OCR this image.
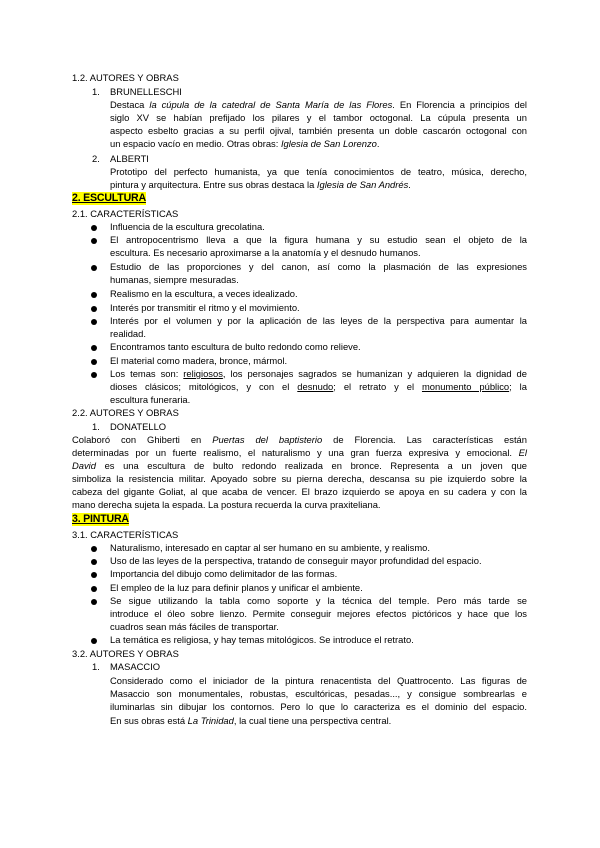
1.2. AUTORES Y OBRAS
1. BRUNELLESCHI
Destaca la cúpula de la catedral de Santa María de las Flores. En Florencia a principios del
siglo XV se habían prefijado los pilares y el tambor octogonal. La cúpula presenta un
aspecto esbelto gracias a su perfil ojival, también presenta un doble cascarón octogonal con
un espacio vacío en medio. Otras obras: Iglesia de San Lorenzo.
2. ALBERTI
Prototipo del perfecto humanista, ya que tenía conocimientos de teatro, música, derecho,
pintura y arquitectura. Entre sus obras destaca la Iglesia de San Andrés.
2. ESCULTURA
2.1. CARACTERÍSTICAS
Influencia de la escultura grecolatina.
El antropocentrismo lleva a que la figura humana y su estudio sean el objeto de la
escultura. Es necesario aproximarse a la anatomía y el desnudo humanos.
Estudio de las proporciones y del canon, así como la plasmación de las expresiones
humanas, siempre mesuradas.
Realismo en la escultura, a veces idealizado.
Interés por transmitir el ritmo y el movimiento.
Interés por el volumen y por la aplicación de las leyes de la perspectiva para aumentar la
realidad.
Encontramos tanto escultura de bulto redondo como relieve.
El material como madera, bronce, mármol.
Los temas son: religiosos, los personajes sagrados se humanizan y adquieren la dignidad de
dioses clásicos; mitológicos, y con el desnudo; el retrato y el monumento público; la
escultura funeraria.
2.2. AUTORES Y OBRAS
1. DONATELLO
Colaboró con Ghiberti en Puertas del baptisterio de Florencia. Las características están
determinadas por un fuerte realismo, el naturalismo y una gran fuerza expresiva y emocional. El
David es una escultura de bulto redondo realizada en bronce. Representa a un joven que
simboliza la resistencia militar. Apoyado sobre su pierna derecha, descansa su pie izquierdo sobre la
cabeza del gigante Goliat, al que acaba de vencer. El brazo izquierdo se apoya en su cadera y con la
mano derecha sujeta la espada. La postura recuerda la curva praxiteliana.
3. PINTURA
3.1. CARACTERÍSTICAS
Naturalismo, interesado en captar al ser humano en su ambiente, y realismo.
Uso de las leyes de la perspectiva, tratando de conseguir mayor profundidad del espacio.
Importancia del dibujo como delimitador de las formas.
El empleo de la luz para definir planos y unificar el ambiente.
Se sigue utilizando la tabla como soporte y la técnica del temple. Pero más tarde se
introduce el óleo sobre lienzo. Permite conseguir mejores efectos pictóricos y hace que los
cuadros sean más fáciles de transportar.
La temática es religiosa, y hay temas mitológicos. Se introduce el retrato.
3.2. AUTORES Y OBRAS
1. MASACCIO
Considerado como el iniciador de la pintura renacentista del Quattrocento. Las figuras de
Masaccio son monumentales, robustas, escultóricas, pesadas..., y consigue sombrearlas e
iluminarlas sin dibujar los contornos. Pero lo que lo caracteriza es el dominio del espacio.
En sus obras está La Trinidad, la cual tiene una perspectiva central.
